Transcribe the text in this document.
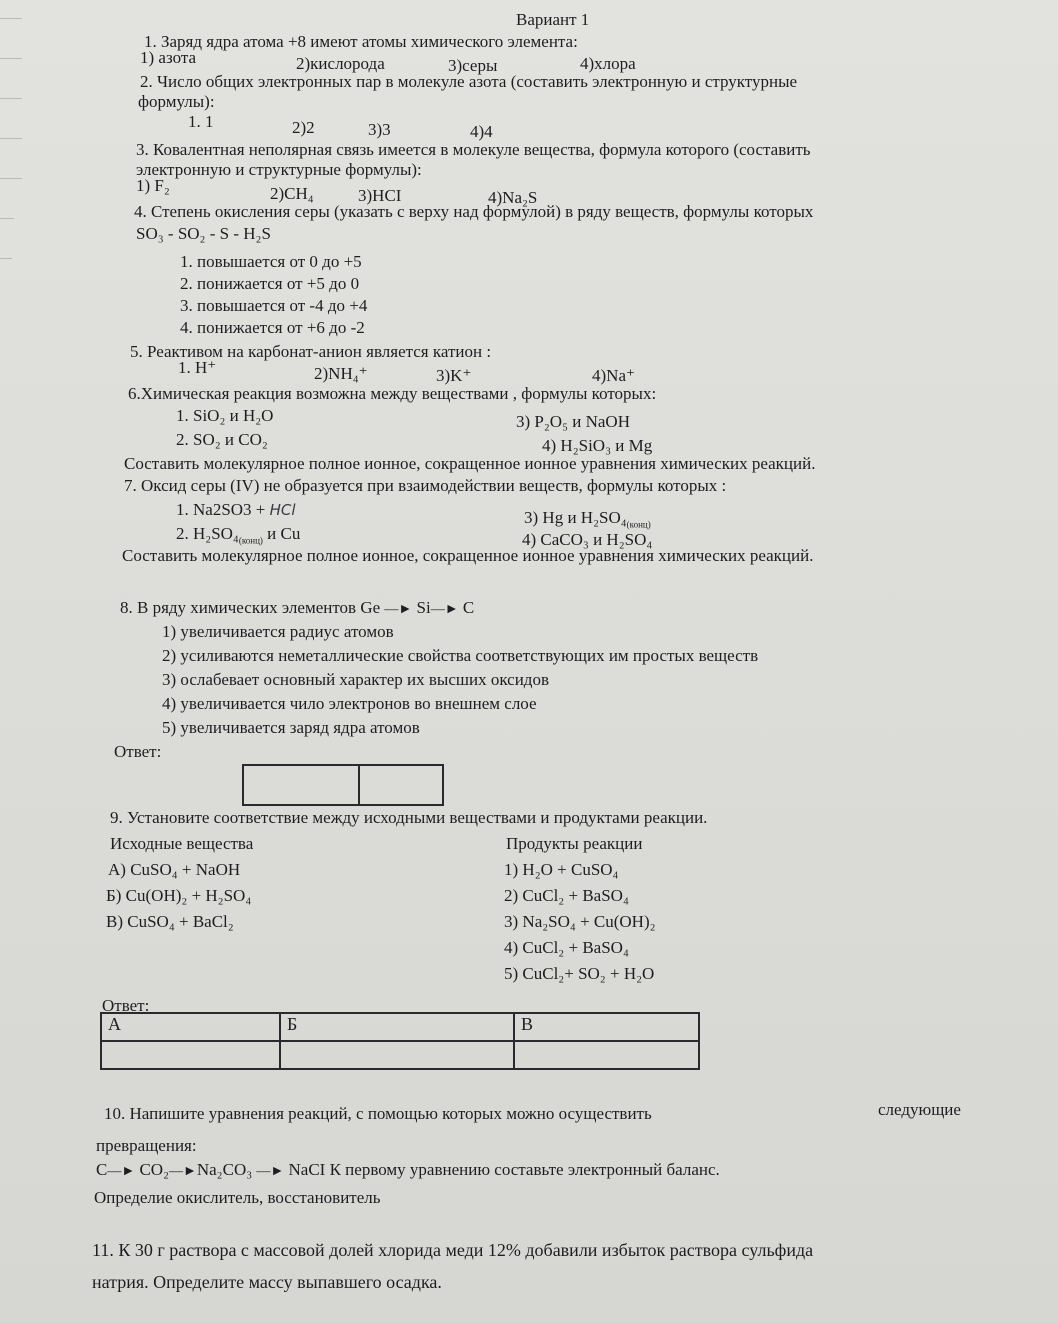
Вариант 1
1. Заряд ядра атома +8 имеют атомы химического элемента:
1) азота	2)кислорода	3)серы	4)хлора
2. Число общих электронных пар в молекуле азота (составить электронную и структурные
формулы):
1. 1	2)2	3)3	4)4
3. Ковалентная неполярная связь имеется в молекуле вещества, формула которого (составить
электронную и структурные формулы):
1) F₂	2)CH₄	3)HCI	4)Na₂S
4. Степень окисления серы (указать с верху над формулой) в ряду веществ, формулы которых
SO₃ - SO₂ - S - H₂S
1. повышается от 0 до +5
2. понижается от +5 до 0
3. повышается от -4 до +4
4. понижается от +6 до -2
5. Реактивом на карбонат-анион является катион :
1. H⁺	2)NH₄⁺	3)K⁺	4)Na⁺
6.Химическая реакция возможна между веществами , формулы которых:
1. SiO₂ и H₂O
2. SO₂ и CO₂
3) P₂O₅ и NaOH
4) H₂SiO₃ и Mg
Составить молекулярное полное ионное, сокращенное ионное уравнения химических реакций.
7. Оксид серы (IV) не образуется при взаимодействии веществ, формулы которых :
1. Na2SO3 + HCl
2. $H_2SO_4_{(конц)}$ и Cu
3) Hg и $H_2SO_4_{(конц)}$
4) CaCO₃ и H₂SO₄
Составить молекулярное полное ионное, сокращенное ионное уравнения химических реакций.
8. В ряду химических элементов Ge —► Si—► C
1) увеличивается радиус атомов
2) усиливаются неметаллические свойства соответствующих им простых веществ
3) ослабевает основный характер их высших оксидов
4) увеличивается чило электронов во внешнем слое
5) увеличивается заряд ядра атомов
Ответ:
9. Установите соответствие между исходными веществами и продуктами реакции.
Исходные вещества	Продукты реакции
А) CuSO₄ + NaOH
Б) Cu(OH)₂ + H₂SO₄
В) CuSO₄ + BaCl₂
1) H₂O + CuSO₄
2) CuCl₂ + BaSO₄
3) Na₂SO₄ + Cu(OH)₂
4) CuCl₂ + BaSO₄
5) CuCl₂+ SO₂ + H₂O
Ответ:
А	Б	В

10. Напишите уравнения реакций, с помощью которых можно осуществить	следующие
превращения:
C—► CO₂—►Na₂CO₃ —► NaCI К первому уравнению составьте электронный баланс.
Определие окислитель, восстановитель
11. К 30 г раствора с массовой долей хлорида меди 12% добавили избыток раствора сульфида
натрия. Определите массу выпавшего осадка.
